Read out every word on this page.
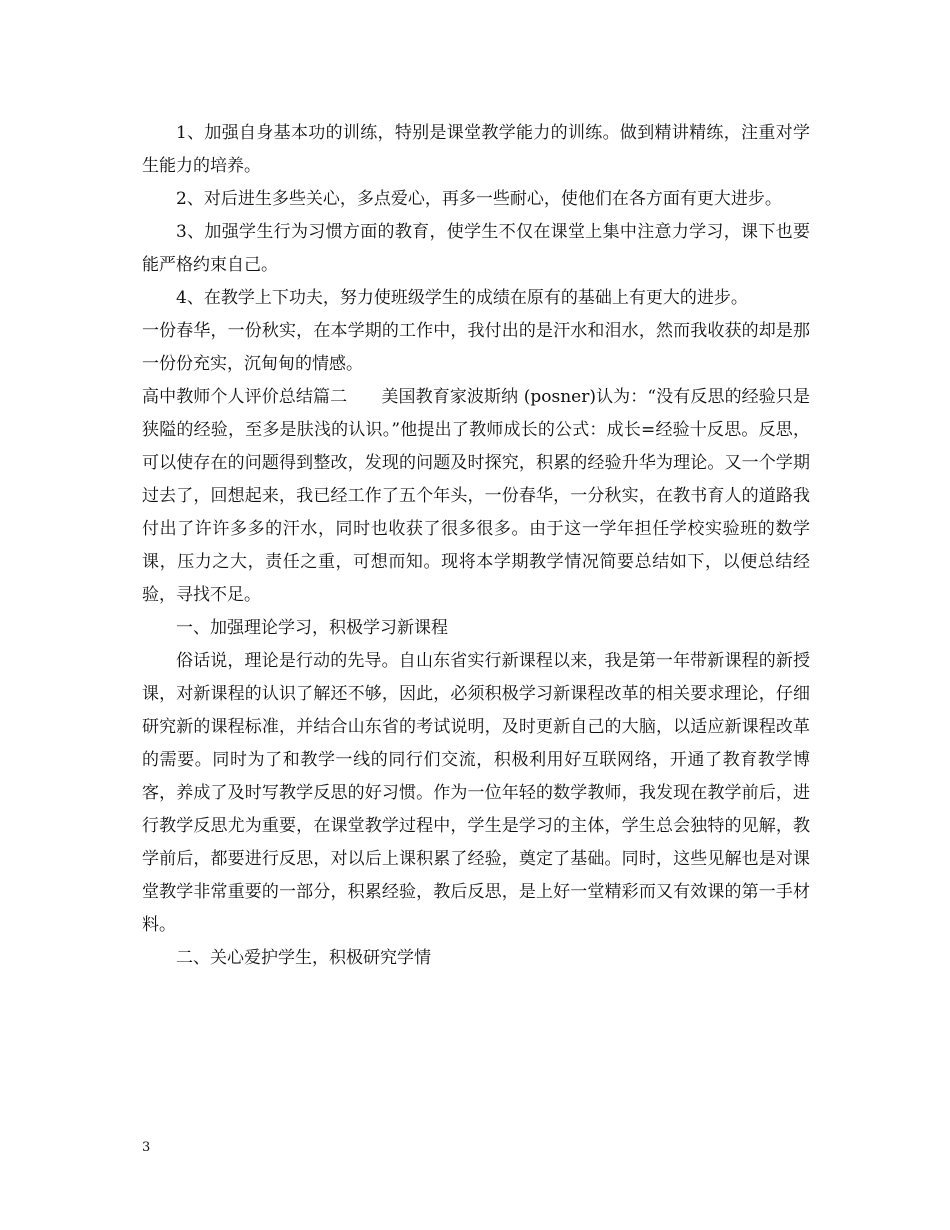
1、加强自身基本功的训练，特别是课堂教学能力的训练。做到精讲精练，注重对学生能力的培养。

2、对后进生多些关心，多点爱心，再多一些耐心，使他们在各方面有更大进步。

3、加强学生行为习惯方面的教育，使学生不仅在课堂上集中注意力学习，课下也要能严格约束自己。

4、在教学上下功夫，努力使班级学生的成绩在原有的基础上有更大的进步。

一份春华，一份秋实，在本学期的工作中，我付出的是汗水和泪水，然而我收获的却是那一份份充实，沉甸甸的情感。

高中教师个人评价总结篇二　　美国教育家波斯纳 (posner)认为：“没有反思的经验只是狭隘的经验，至多是肤浅的认识。”他提出了教师成长的公式：成长=经验十反思。反思，可以使存在的问题得到整改，发现的问题及时探究，积累的经验升华为理论。又一个学期过去了，回想起来，我已经工作了五个年头，一份春华，一分秋实，在教书育人的道路我付出了许许多多的汗水，同时也收获了很多很多。由于这一学年担任学校实验班的数学课，压力之大，责任之重，可想而知。现将本学期教学情况简要总结如下，以便总结经验，寻找不足。

一、加强理论学习，积极学习新课程

俗话说，理论是行动的先导。自山东省实行新课程以来，我是第一年带新课程的新授课，对新课程的认识了解还不够，因此，必须积极学习新课程改革的相关要求理论，仔细研究新的课程标准，并结合山东省的考试说明，及时更新自己的大脑，以适应新课程改革的需要。同时为了和教学一线的同行们交流，积极利用好互联网络，开通了教育教学博客，养成了及时写教学反思的好习惯。作为一位年轻的数学教师，我发现在教学前后，进行教学反思尤为重要，在课堂教学过程中，学生是学习的主体，学生总会独特的见解，教学前后，都要进行反思，对以后上课积累了经验，奠定了基础。同时，这些见解也是对课堂教学非常重要的一部分，积累经验，教后反思，是上好一堂精彩而又有效课的第一手材料。

二、关心爱护学生，积极研究学情

3
